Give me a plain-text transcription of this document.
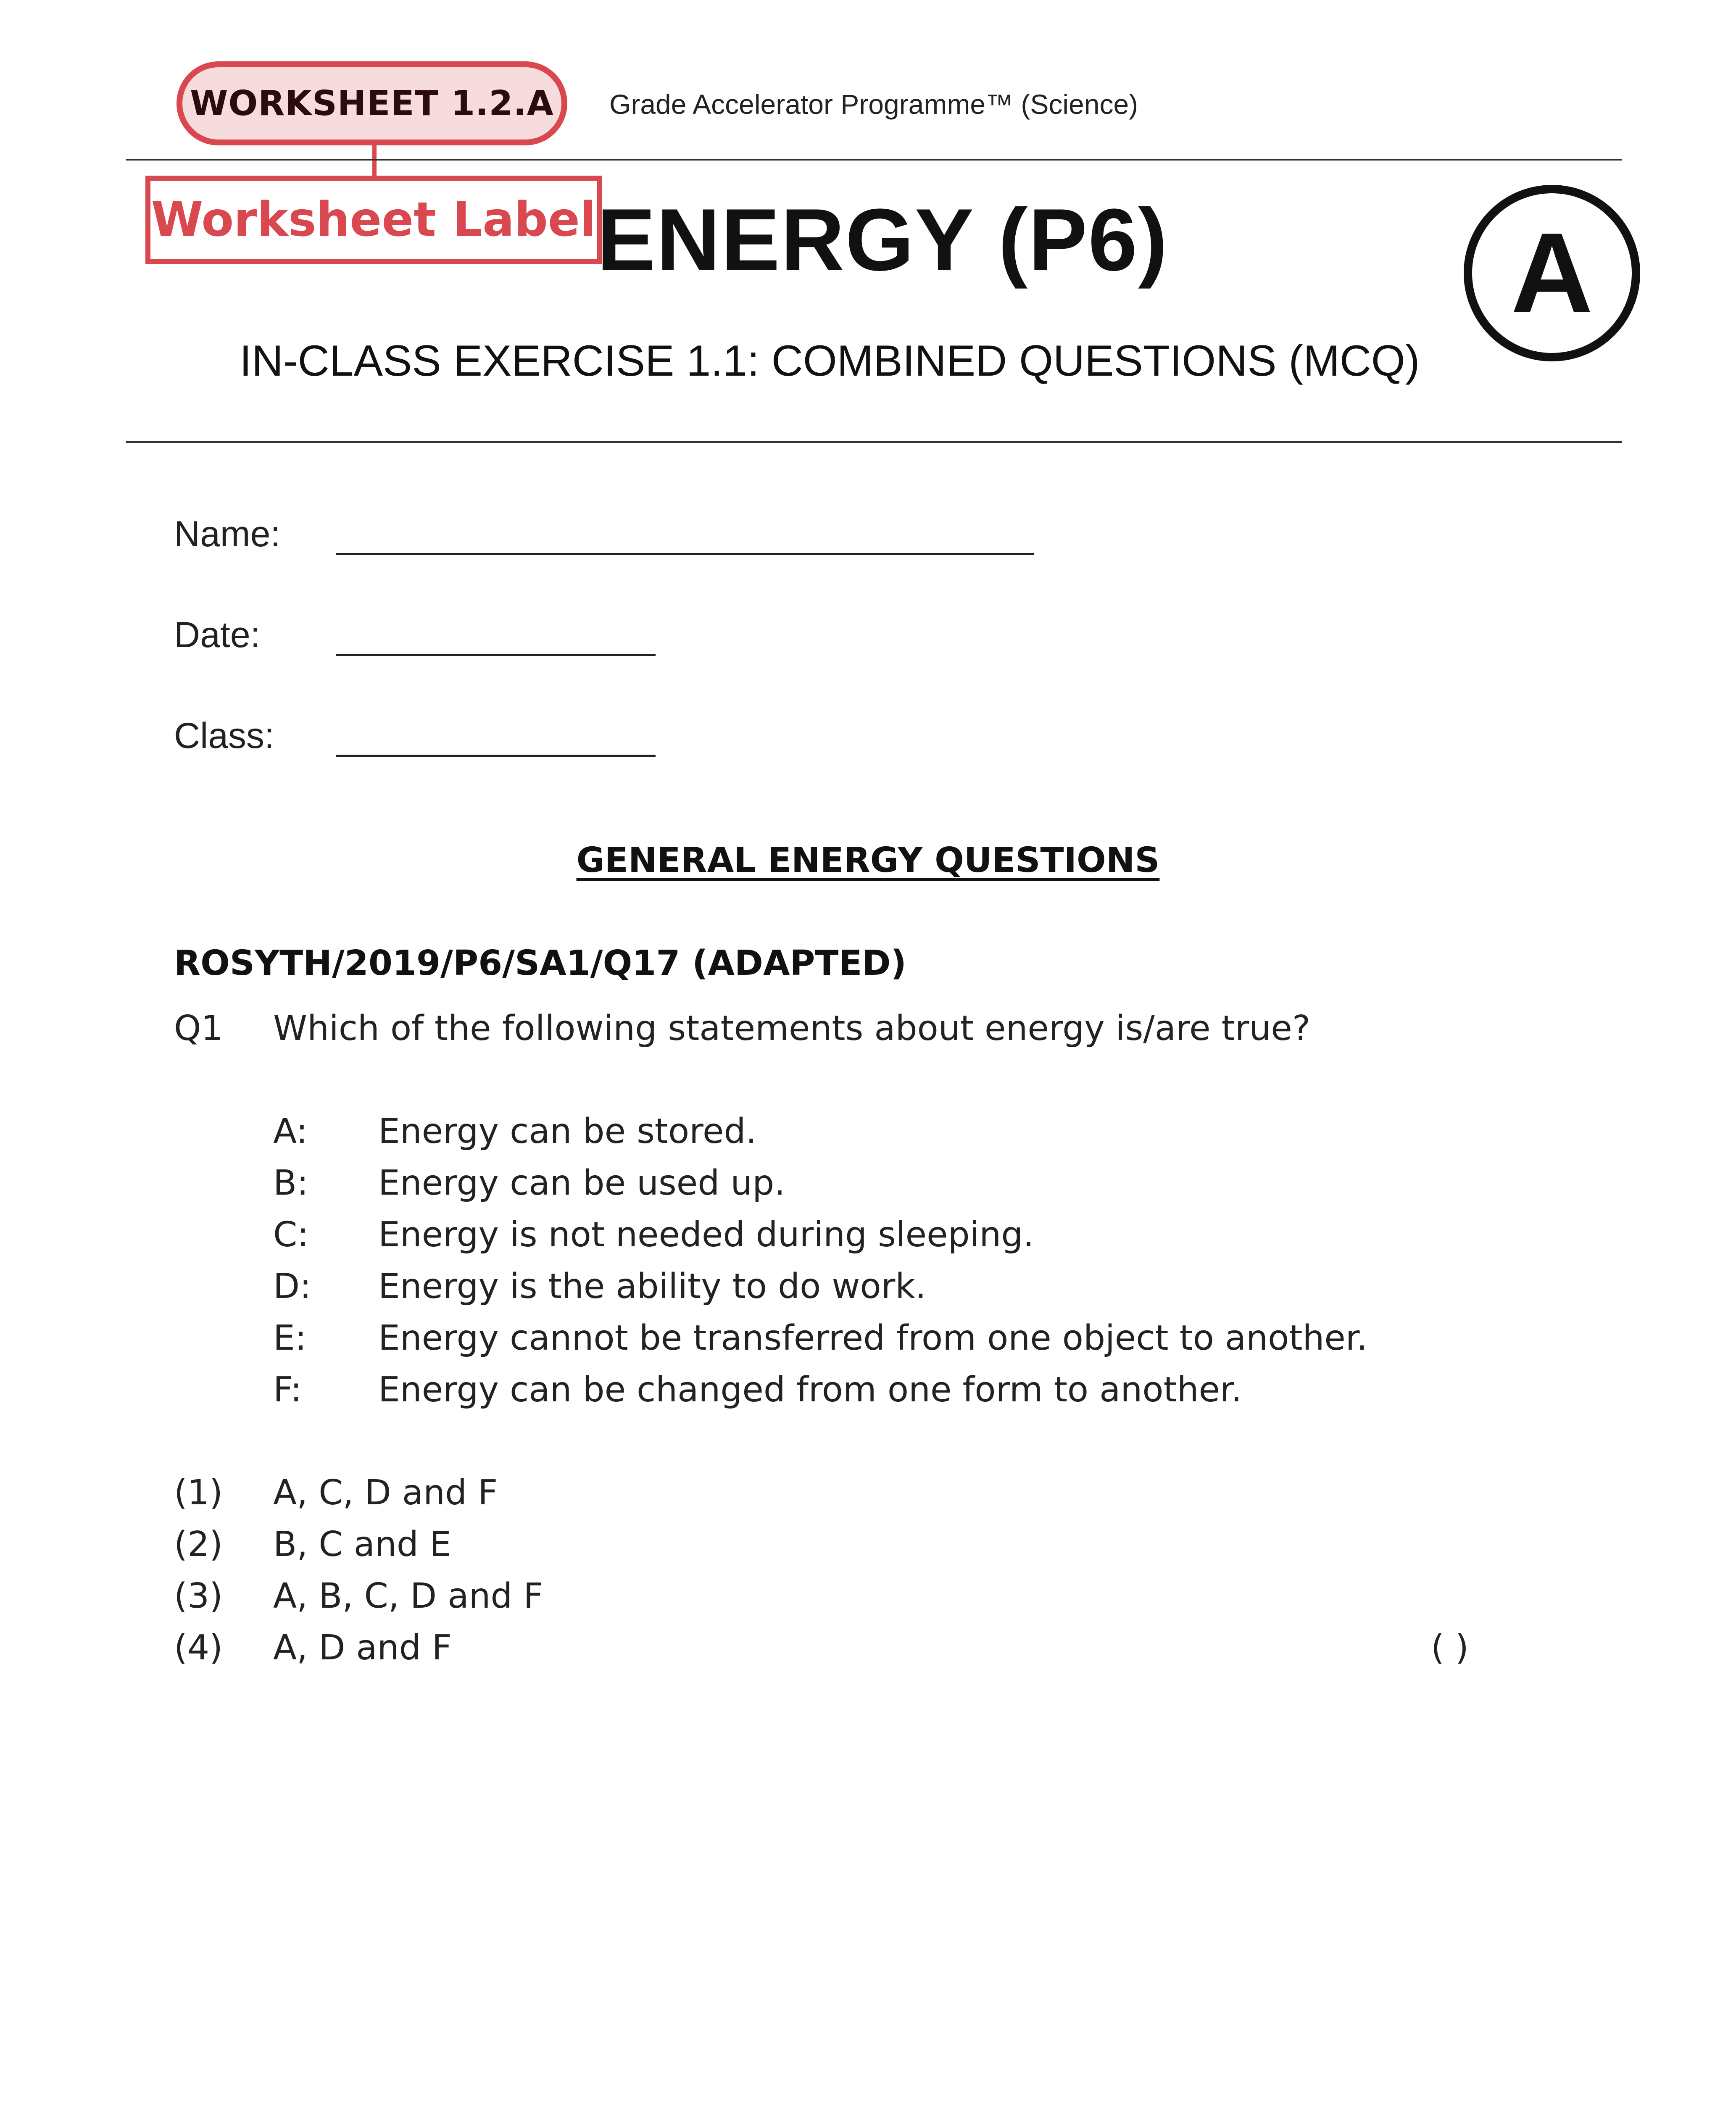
WORKSHEET 1.2.A
Worksheet Label
Grade Accelerator Programme™ (Science)
ENERGY (P6)	A
IN-CLASS EXERCISE 1.1: COMBINED QUESTIONS (MCQ)
Name:
Date:
Class:
GENERAL ENERGY QUESTIONS
ROSYTH/2019/P6/SA1/Q17 (ADAPTED)
Q1 Which of the following statements about energy is/are true?
A: Energy can be stored.
B: Energy can be used up.
C: Energy is not needed during sleeping.
D: Energy is the ability to do work.
E: Energy cannot be transferred from one object to another.
F: Energy can be changed from one form to another.
(1) A, C, D and F
(2) B, C and E
(3) A, B, C, D and F
(4) A, D and F	( )
